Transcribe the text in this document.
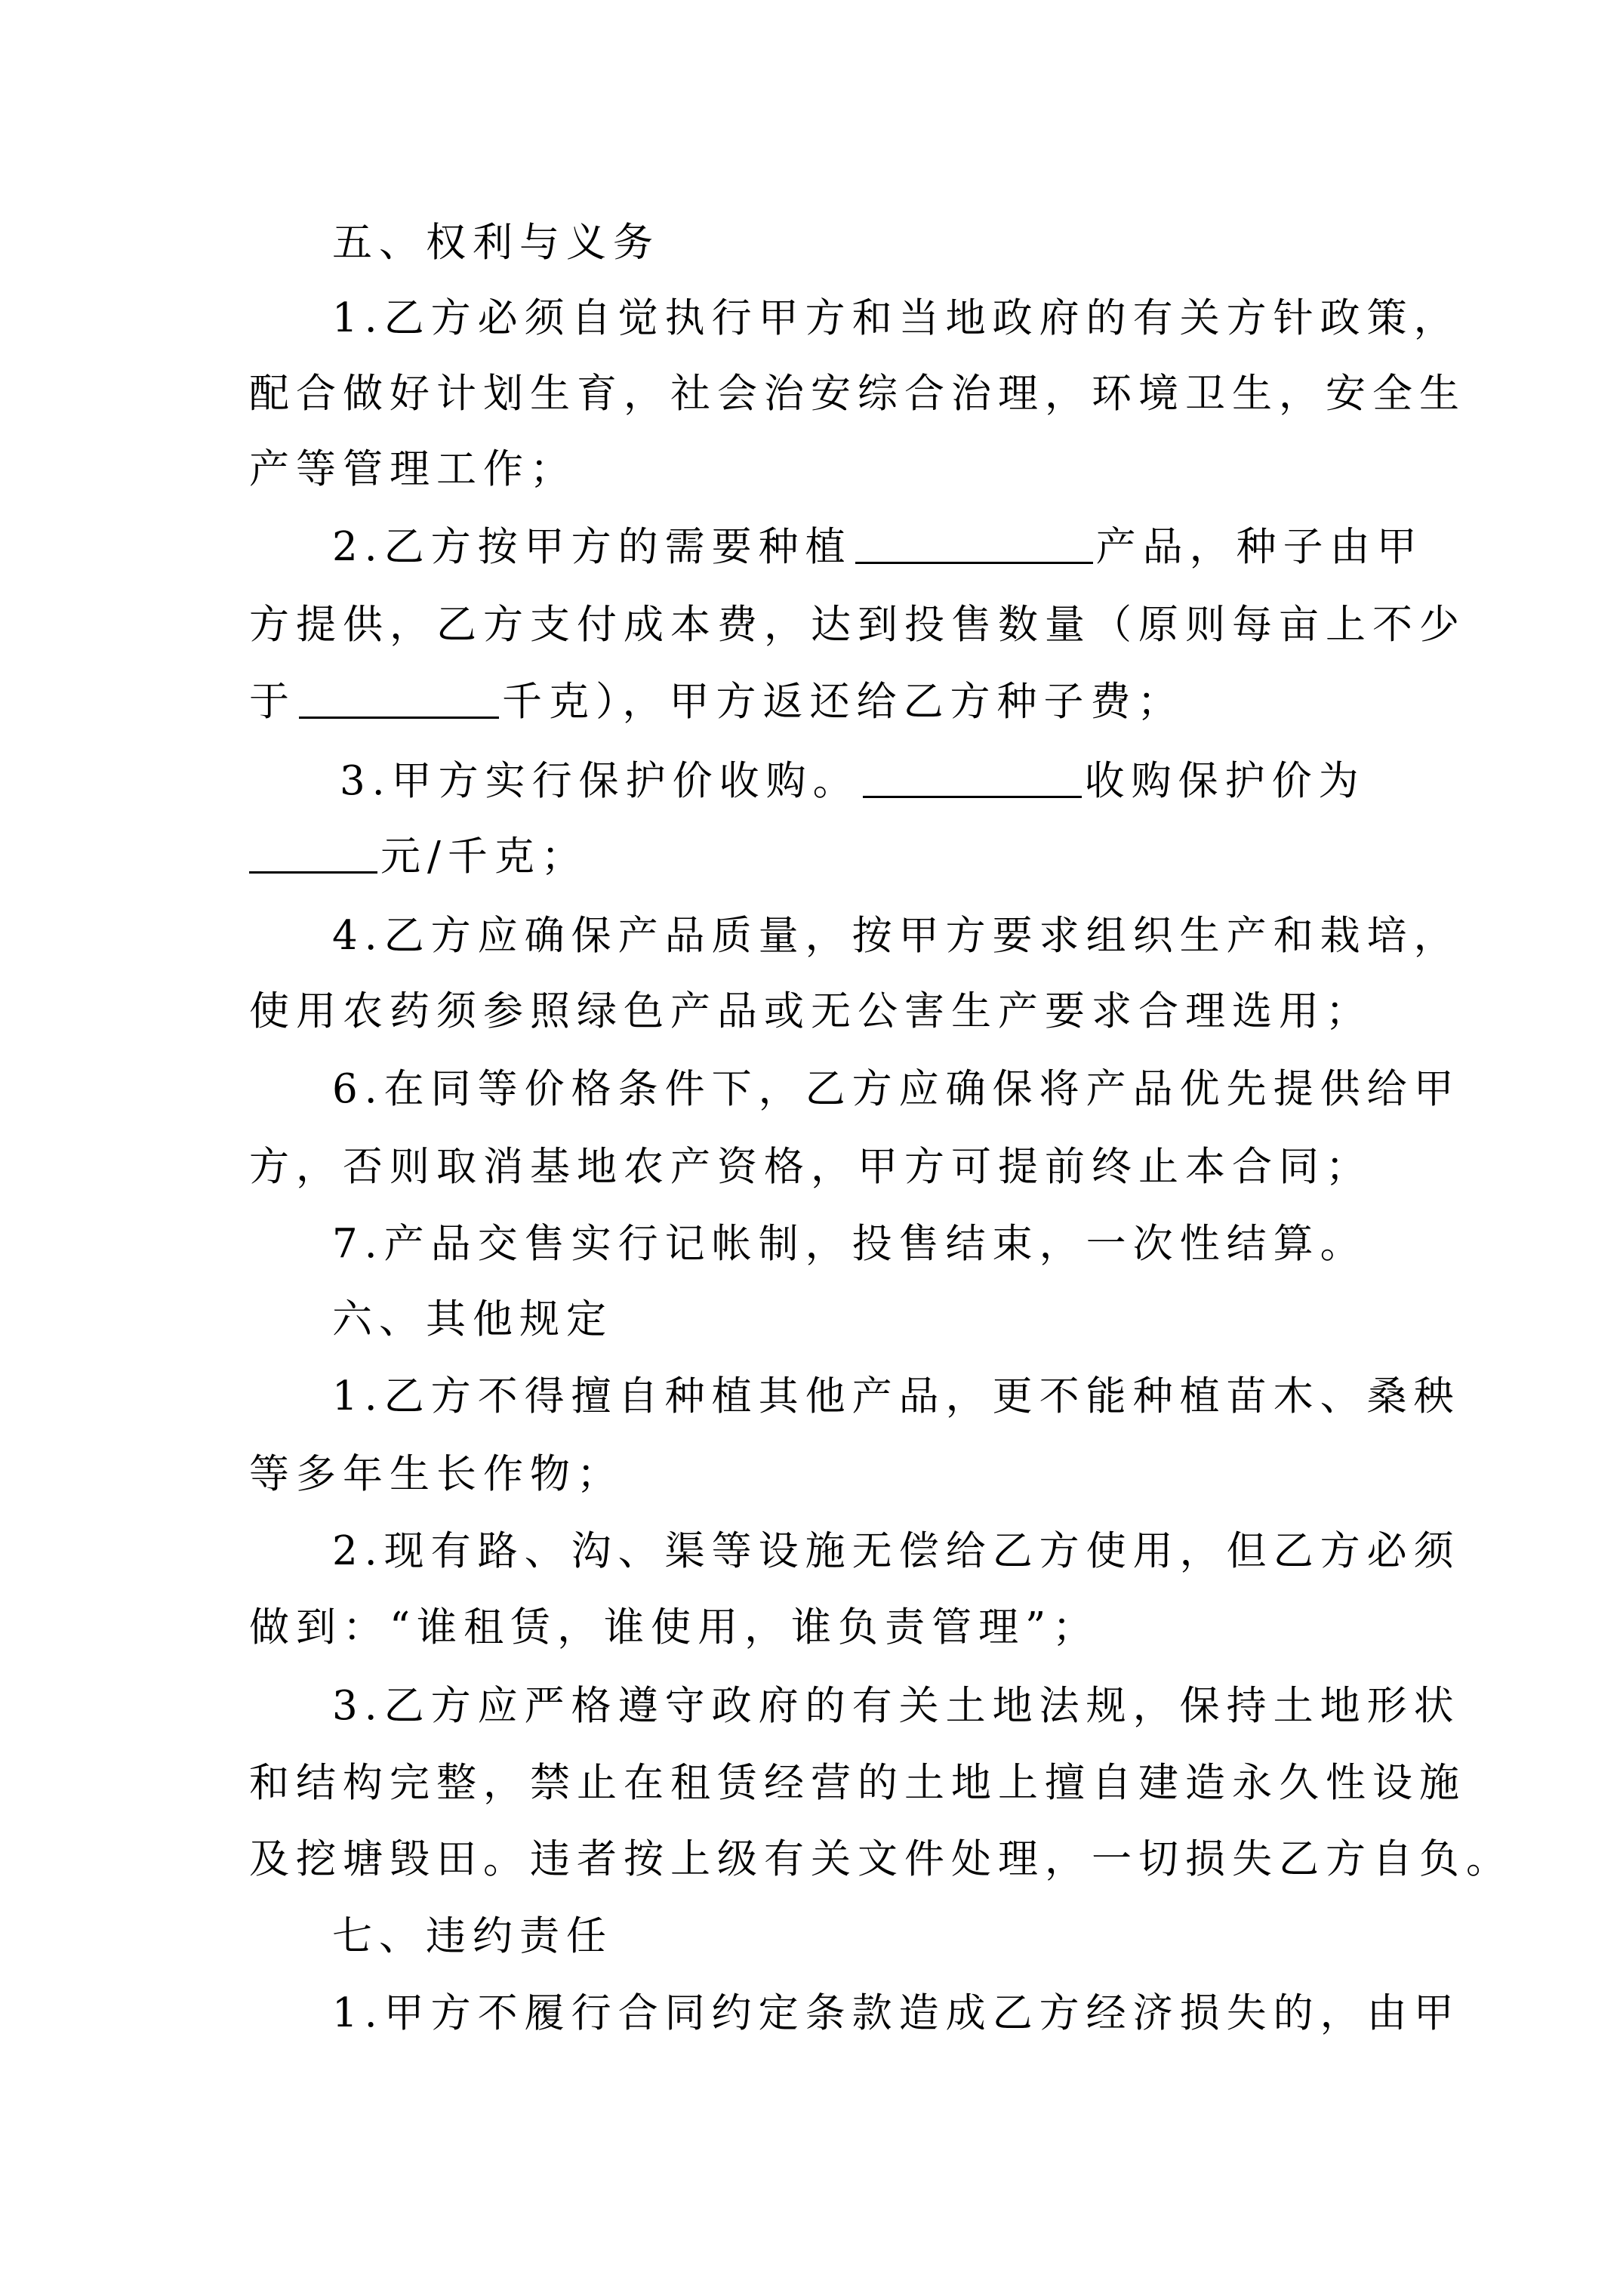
五、权利与义务

1.乙方必须自觉执行甲方和当地政府的有关方针政策，

配合做好计划生育，社会治安综合治理，环境卫生，安全生

产等管理工作；

2.乙方按甲方的需要种植	产品，种子由甲

方提供，乙方支付成本费，达到投售数量（原则每亩上不少

于	千克），甲方返还给乙方种子费；

3.甲方实行保护价收购。	收购保护价为

元/千克；

4.乙方应确保产品质量，按甲方要求组织生产和栽培，

使用农药须参照绿色产品或无公害生产要求合理选用；

6.在同等价格条件下，乙方应确保将产品优先提供给甲

方，否则取消基地农产资格，甲方可提前终止本合同；

7.产品交售实行记帐制，投售结束，一次性结算。

六、其他规定

1.乙方不得擅自种植其他产品，更不能种植苗木、桑秧

等多年生长作物；

2.现有路、沟、渠等设施无偿给乙方使用，但乙方必须

做到：“谁租赁，谁使用，谁负责管理”；

3.乙方应严格遵守政府的有关土地法规，保持土地形状

和结构完整，禁止在租赁经营的土地上擅自建造永久性设施

及挖塘毁田。违者按上级有关文件处理，一切损失乙方自负。

七、违约责任

1.甲方不履行合同约定条款造成乙方经济损失的，由甲
